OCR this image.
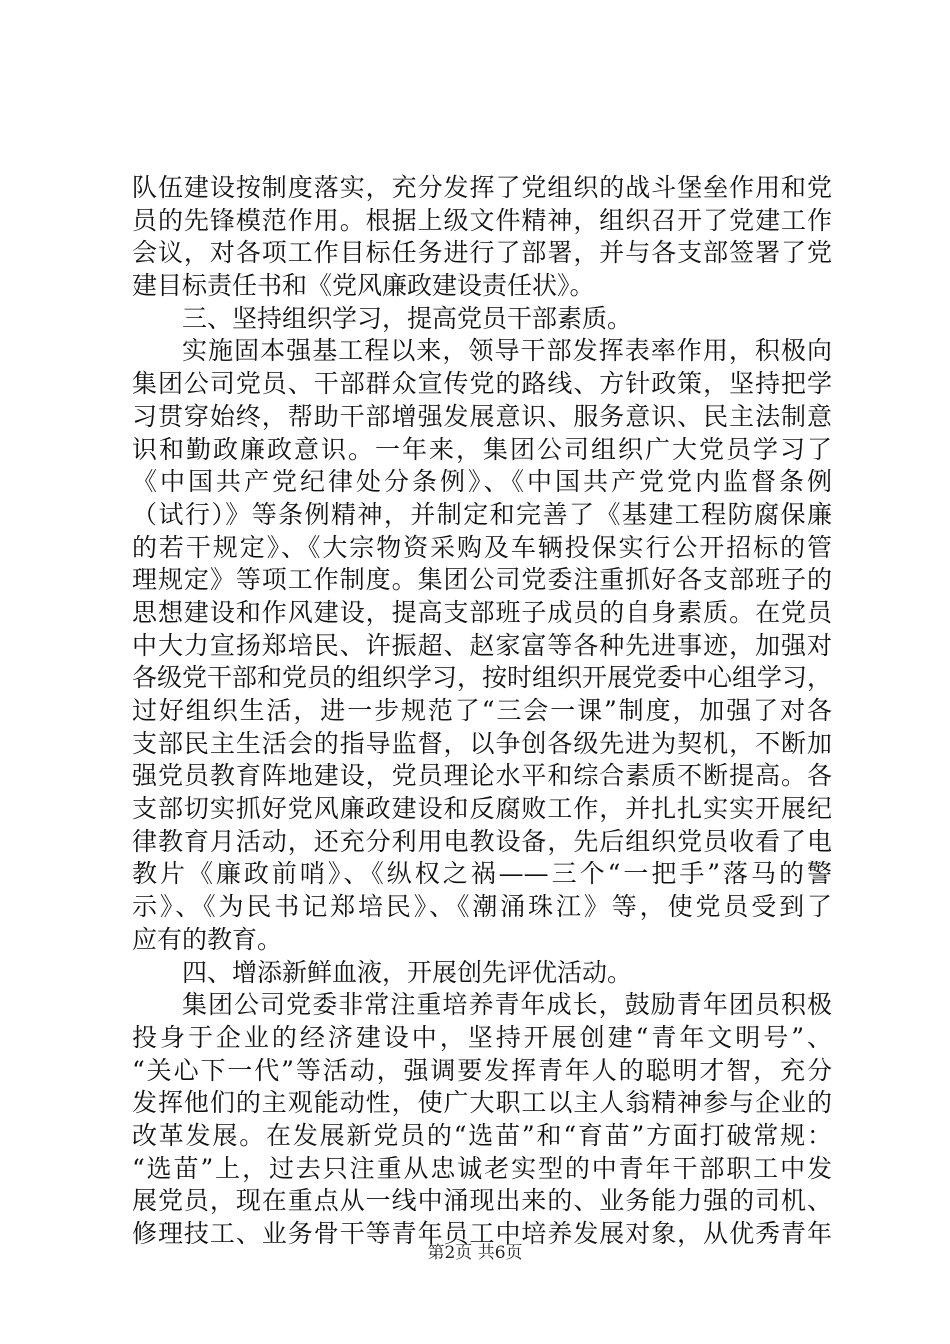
队伍建设按制度落实，充分发挥了党组织的战斗堡垒作用和党
员的先锋模范作用。根据上级文件精神，组织召开了党建工作
会议，对各项工作目标任务进行了部署，并与各支部签署了党
建目标责任书和《党风廉政建设责任状》。
三、坚持组织学习，提高党员干部素质。
实施固本强基工程以来，领导干部发挥表率作用，积极向
集团公司党员、干部群众宣传党的路线、方针政策，坚持把学
习贯穿始终，帮助干部增强发展意识、服务意识、民主法制意
识和勤政廉政意识。一年来，集团公司组织广大党员学习了
《中国共产党纪律处分条例》、《中国共产党党内监督条例
（试行）》等条例精神，并制定和完善了《基建工程防腐保廉
的若干规定》、《大宗物资采购及车辆投保实行公开招标的管
理规定》等项工作制度。集团公司党委注重抓好各支部班子的
思想建设和作风建设，提高支部班子成员的自身素质。在党员
中大力宣扬郑培民、许振超、赵家富等各种先进事迹，加强对
各级党干部和党员的组织学习，按时组织开展党委中心组学习，
过好组织生活，进一步规范了“三会一课”制度，加强了对各
支部民主生活会的指导监督，以争创各级先进为契机，不断加
强党员教育阵地建设，党员理论水平和综合素质不断提高。各
支部切实抓好党风廉政建设和反腐败工作，并扎扎实实开展纪
律教育月活动，还充分利用电教设备，先后组织党员收看了电
教片《廉政前哨》、《纵权之祸——三个“一把手”落马的警
示》、《为民书记郑培民》、《潮涌珠江》等，使党员受到了
应有的教育。
四、增添新鲜血液，开展创先评优活动。
集团公司党委非常注重培养青年成长，鼓励青年团员积极
投身于企业的经济建设中，坚持开展创建“青年文明号”、
“关心下一代”等活动，强调要发挥青年人的聪明才智，充分
发挥他们的主观能动性，使广大职工以主人翁精神参与企业的
改革发展。在发展新党员的“选苗”和“育苗”方面打破常规：
“选苗”上，过去只注重从忠诚老实型的中青年干部职工中发
展党员，现在重点从一线中涌现出来的、业务能力强的司机、
修理技工、业务骨干等青年员工中培养发展对象，从优秀青年
第2页 共6页
